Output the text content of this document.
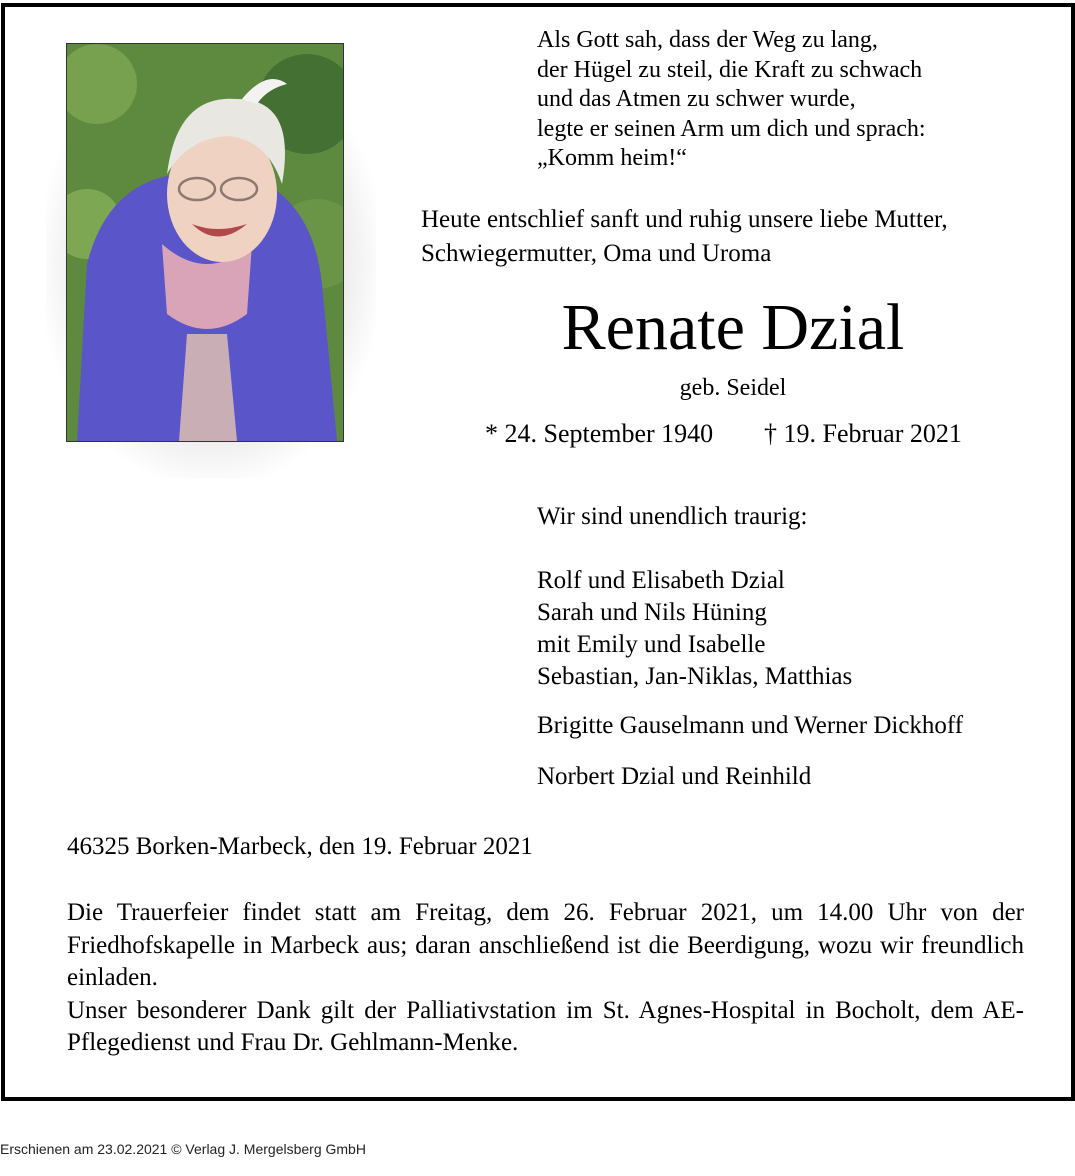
Als Gott sah, dass der Weg zu lang,
der Hügel zu steil, die Kraft zu schwach
und das Atmen zu schwer wurde,
legte er seinen Arm um dich und sprach:
„Komm heim!“
Heute entschlief sanft und ruhig unsere liebe Mutter,
Schwiegermutter, Oma und Uroma
Renate Dzial
geb. Seidel
* 24. September 1940 † 19. Februar 2021
Wir sind unendlich traurig:
Rolf und Elisabeth Dzial
Sarah und Nils Hüning
mit Emily und Isabelle
Sebastian, Jan-Niklas, Matthias
Brigitte Gauselmann und Werner Dickhoff
Norbert Dzial und Reinhild
46325 Borken-Marbeck, den 19. Februar 2021

Die Trauerfeier findet statt am Freitag, dem 26. Februar 2021, um 14.00 Uhr von der Friedhofskapelle in Marbeck aus; daran anschließend ist die Beerdigung, wozu wir freundlich einladen.

Unser besonderer Dank gilt der Palliativstation im St. Agnes-Hospital in Bocholt, dem AE-Pflegedienst und Frau Dr. Gehlmann-Menke.

Erschienen am 23.02.2021 © Verlag J. Mergelsberg GmbH
